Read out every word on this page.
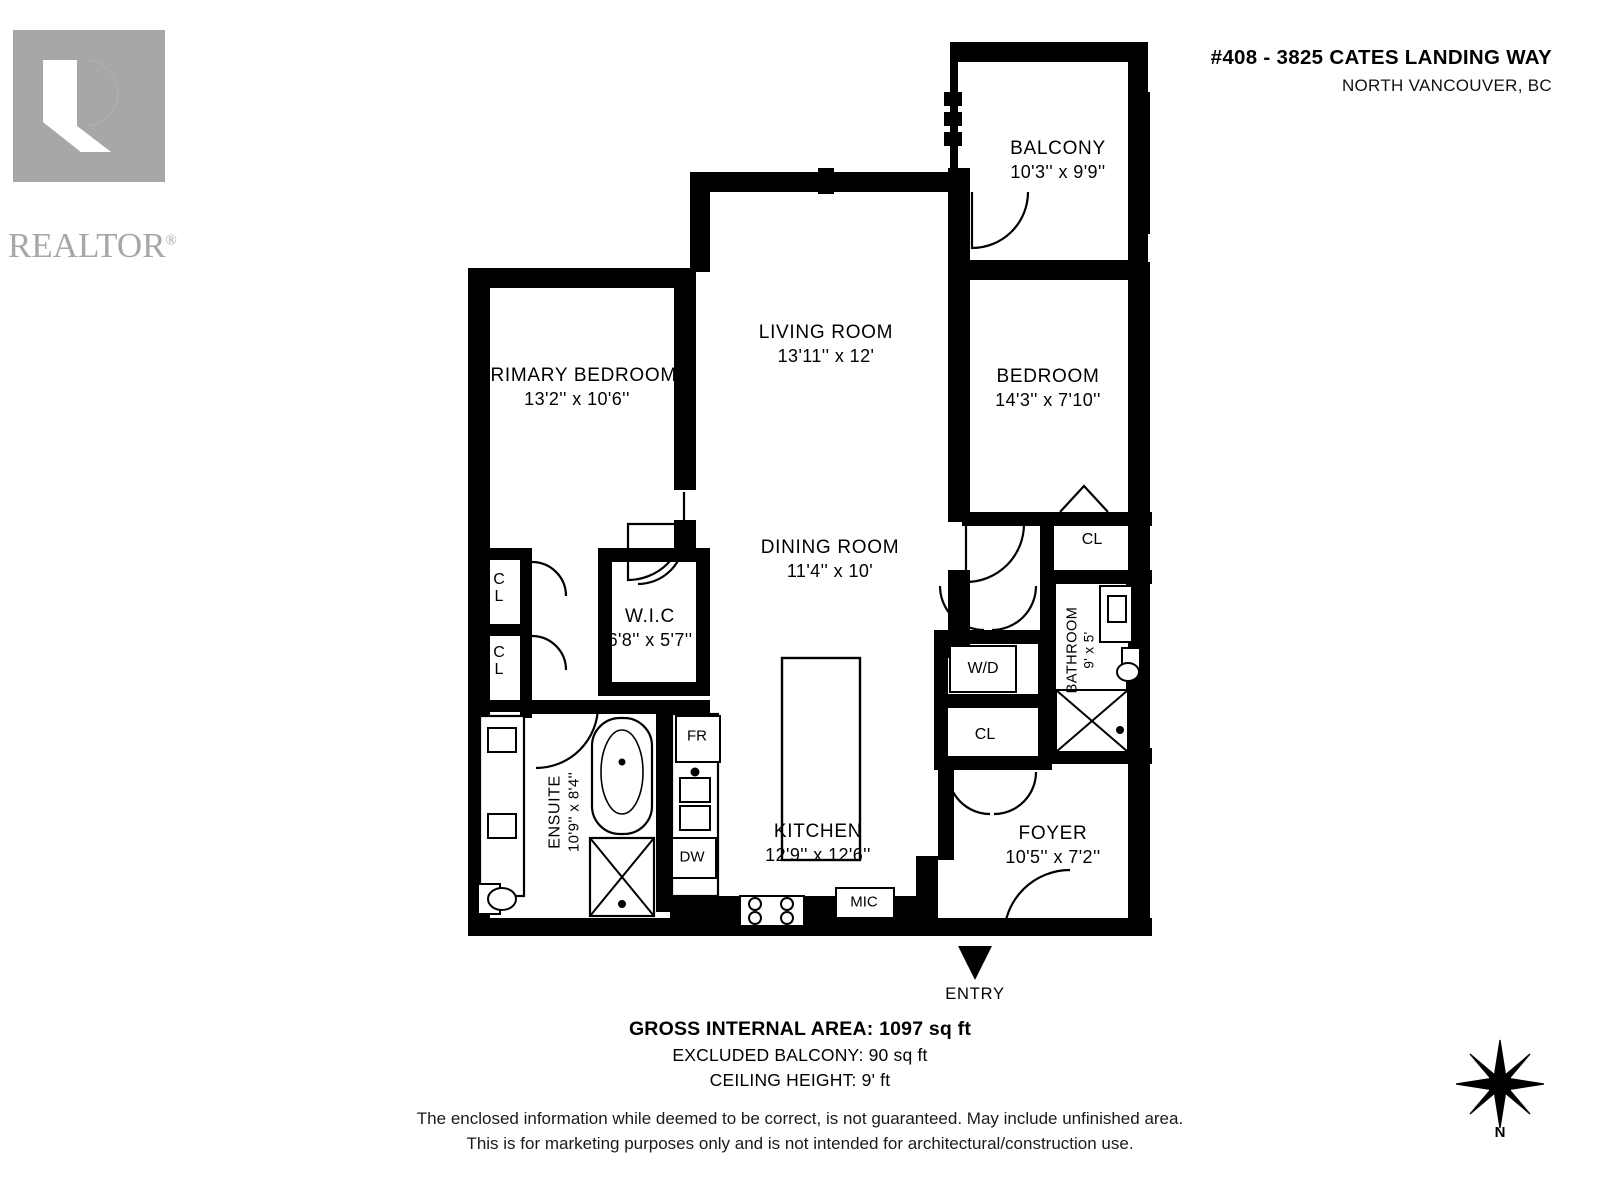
REALTOR®
#408 - 3825 CATES LANDING WAY
NORTH VANCOUVER, BC
BALCONY
10'3'' x 9'9''
LIVING ROOM
13'11'' x 12'
PRIMARY BEDROOM
13'2'' x 10'6''
BEDROOM
14'3'' x 7'10''
DINING ROOM
11'4'' x 10'
W.I.C
6'8'' x 5'7''
KITCHEN
12'9'' x 12'6''
FOYER
10'5'' x 7'2''
ENSUITE 10'9'' x 8'4''
BATHROOM 9' x 5'
C
L
C
L
CL
CL
W/D
FR
DW
MIC
ENTRY
GROSS INTERNAL AREA: 1097 sq ft
EXCLUDED BALCONY: 90 sq ft
CEILING HEIGHT: 9' ft
The enclosed information while deemed to be correct, is not guaranteed. May include unfinished area.
This is for marketing purposes only and is not intended for architectural/construction use.
N
